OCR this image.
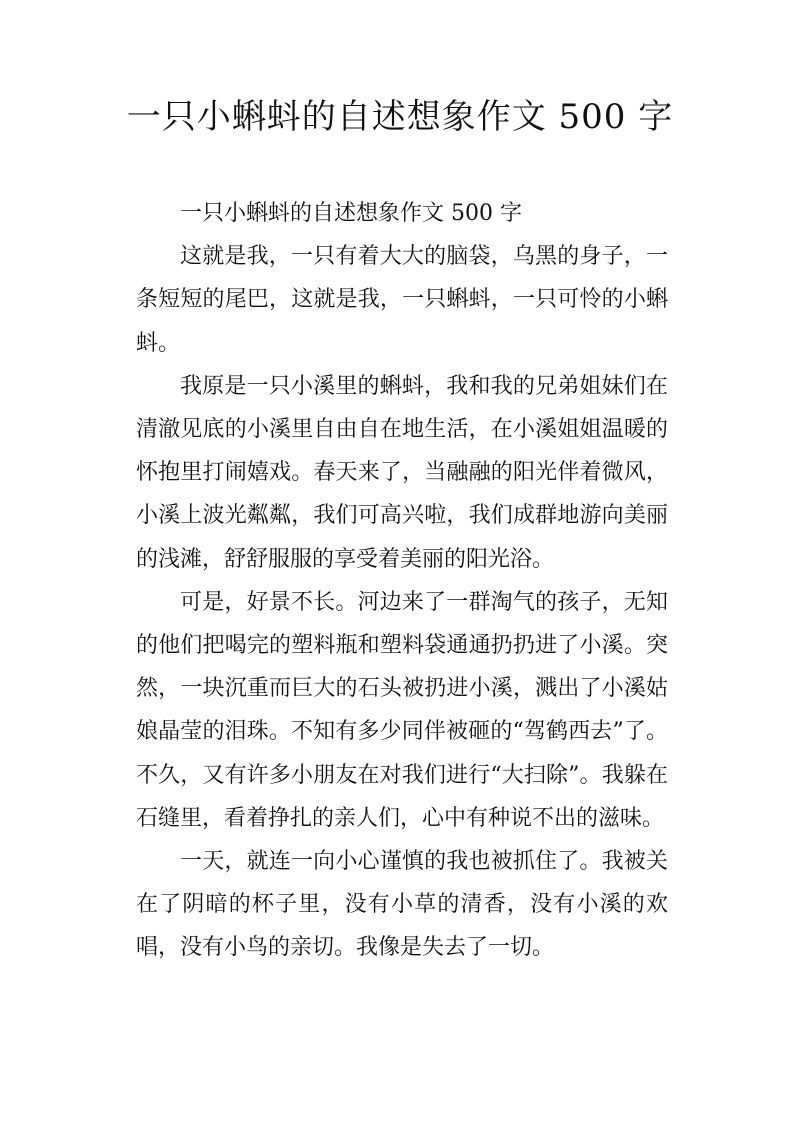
一只小蝌蚪的自述想象作文 500 字

一只小蝌蚪的自述想象作文 500 字

这就是我，一只有着大大的脑袋，乌黑的身子，一条短短的尾巴，这就是我，一只蝌蚪，一只可怜的小蝌蚪。

我原是一只小溪里的蝌蚪，我和我的兄弟姐妹们在清澈见底的小溪里自由自在地生活，在小溪姐姐温暖的怀抱里打闹嬉戏。春天来了，当融融的阳光伴着微风，小溪上波光粼粼，我们可高兴啦，我们成群地游向美丽的浅滩，舒舒服服的享受着美丽的阳光浴。

可是，好景不长。河边来了一群淘气的孩子，无知的他们把喝完的塑料瓶和塑料袋通通扔扔进了小溪。突然，一块沉重而巨大的石头被扔进小溪，溅出了小溪姑娘晶莹的泪珠。不知有多少同伴被砸的“驾鹤西去”了。不久，又有许多小朋友在对我们进行“大扫除”。我躲在石缝里，看着挣扎的亲人们，心中有种说不出的滋味。

一天，就连一向小心谨慎的我也被抓住了。我被关在了阴暗的杯子里，没有小草的清香，没有小溪的欢唱，没有小鸟的亲切。我像是失去了一切。
